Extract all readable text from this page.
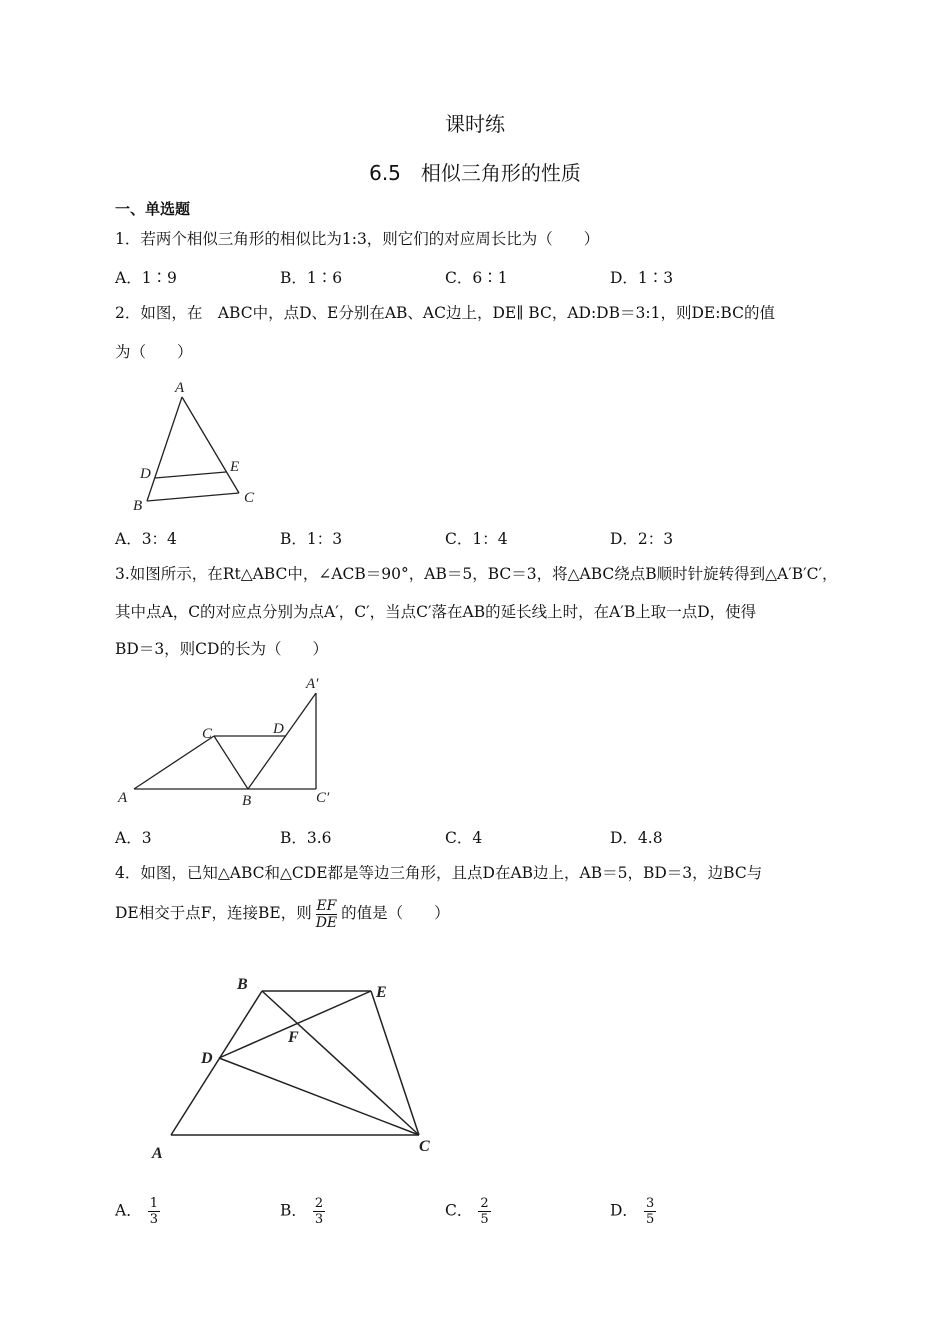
课时练
6.5　相似三角形的性质
一、单选题
1．若两个相似三角形的相似比为1:3，则它们的对应周长比为（　　）
A．1∶9	B．1∶6	C．6∶1	D．1∶3
2．如图，在　ABC中，点D、E分别在AB、AC边上，DE∥ BC，AD:DB＝3:1，则DE:BC的值
为（　　）
A
D	E
B	C
A．3：4	B．1：3	C．1：4	D．2：3
3.如图所示，在Rt△ABC中，∠ACB＝90°，AB＝5，BC＝3，将△ABC绕点B顺时针旋转得到△A′B′C′，
其中点A，C的对应点分别为点A′，C′，当点C′落在AB的延长线上时，在A′B上取一点D，使得
BD＝3，则CD的长为（　　）
A′
C	D
A	B	C′
A．3	B．3.6	C．4	D．4.8
4．如图，已知△ABC和△CDE都是等边三角形，且点D在AB边上，AB＝5，BD＝3，边BC与
DE相交于点F，连接BE，则 $\frac{EF}{DE}$ 的值是（　　）
B	E
F
D
A	C
A． $\frac{1}{3}$	B． $\frac{2}{3}$	C． $\frac{2}{5}$	D． $\frac{3}{5}$
